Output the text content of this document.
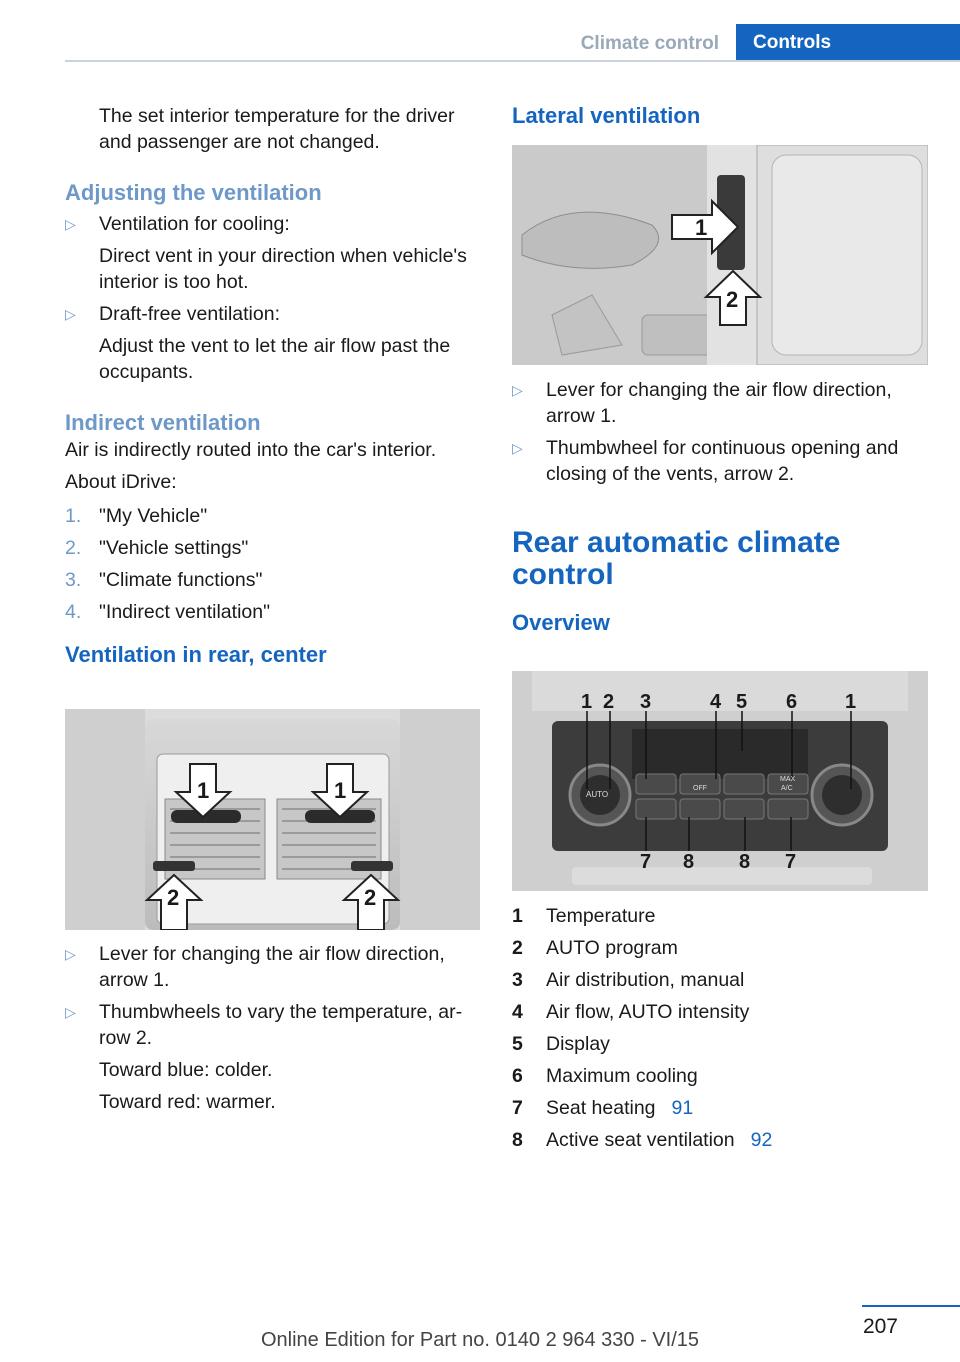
Climate control	Controls

The set interior temperature for the driver and passenger are not changed.

Adjusting the ventilation

▷	Ventilation for cooling:

Direct vent in your direction when vehicle's interior is too hot.

▷	Draft-free ventilation:

Adjust the vent to let the air flow past the occupants.

Indirect ventilation

Air is indirectly routed into the car's interior.

About iDrive:

1. "My Vehicle"
2. "Vehicle settings"
3. "Climate functions"
4. "Indirect ventilation"

Ventilation in rear, center

1	1
2	2
▷	Lever for changing the air flow direction, arrow 1.
▷	Thumbwheels to vary the temperature, ar‐row 2.

Toward blue: colder.

Toward red: warmer.

Lateral ventilation

1
2
▷	Lever for changing the air flow direction, arrow 1.
▷	Thumbwheel for continuous opening and closing of the vents, arrow 2.

Rear automatic climate

control

Overview

AUTO
OFF
MAX
A/C
1 2 3	4 5 6 1
7 8 8 7
1 Temperature
2 AUTO program
3 Air distribution, manual
4 Air flow, AUTO intensity
5 Display
6 Maximum cooling
7 Seat heating 91
8 Active seat ventilation 92
207
Online Edition for Part no. 0140 2 964 330 - VI/15
